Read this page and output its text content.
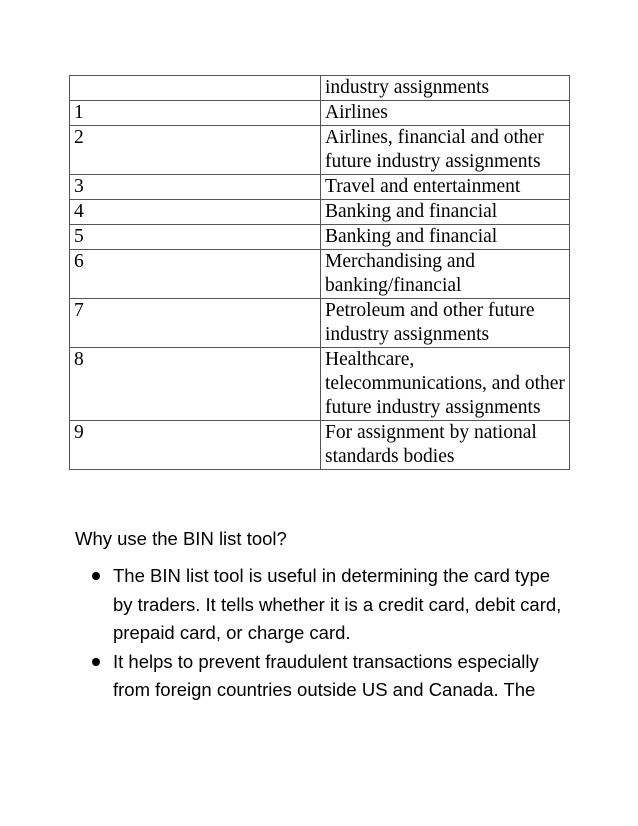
	industry assignments
1	Airlines
2	Airlines, financial and other future industry assignments
3	Travel and entertainment
4	Banking and financial
5	Banking and financial
6	Merchandising and banking/financial
7	Petroleum and other future industry assignments
8	Healthcare, telecommunications, and other future industry assignments
9	For assignment by national standards bodies

Why use the BIN list tool?

The BIN list tool is useful in determining the card type by traders. It tells whether it is a credit card, debit card, prepaid card, or charge card.
It helps to prevent fraudulent transactions especially from foreign countries outside US and Canada. The
